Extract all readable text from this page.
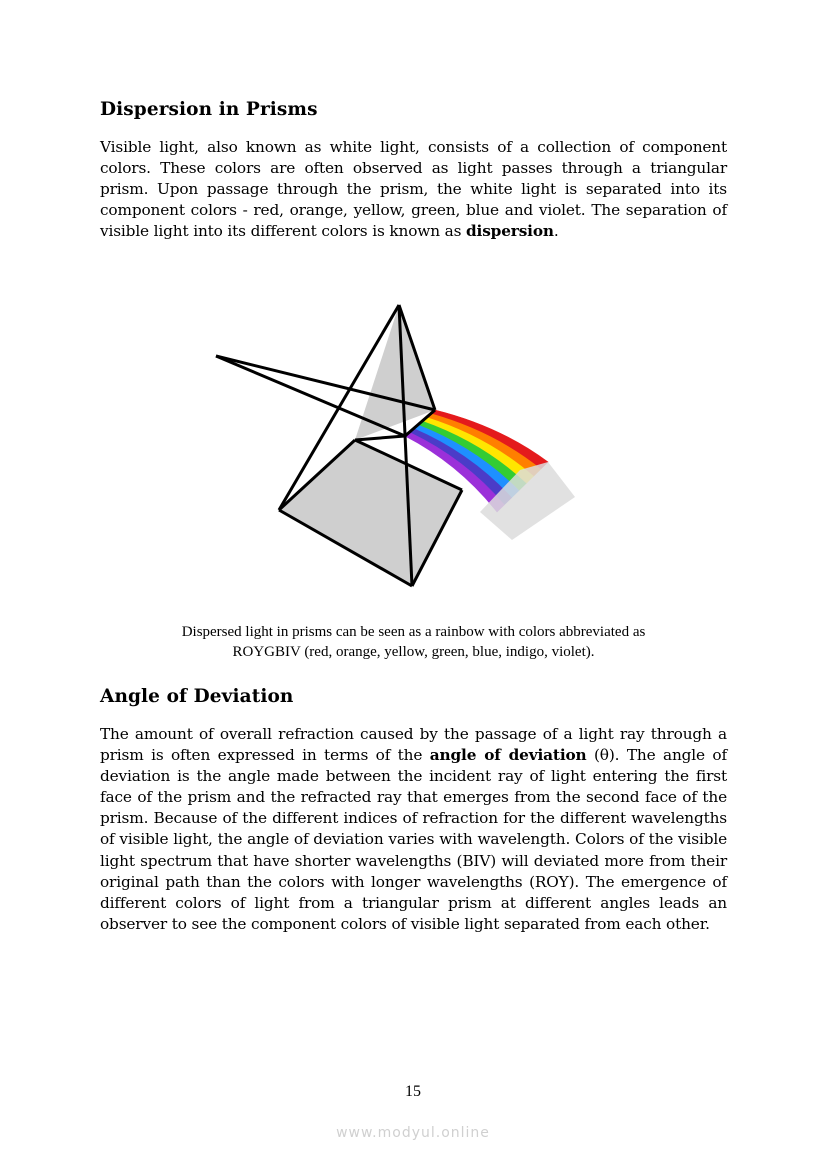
Dispersion in Prisms

Visible light, also known as white light, consists of a collection of component colors. These colors are often observed as light passes through a triangular prism. Upon passage through the prism, the white light is separated into its component colors - red, orange, yellow, green, blue and violet. The separation of visible light into its different colors is known as dispersion.

Dispersed light in prisms can be seen as a rainbow with colors abbreviated as
ROYGBIV (red, orange, yellow, green, blue, indigo, violet).

Angle of Deviation

The amount of overall refraction caused by the passage of a light ray through a prism is often expressed in terms of the angle of deviation (θ). The angle of deviation is the angle made between the incident ray of light entering the first face of the prism and the refracted ray that emerges from the second face of the prism. Because of the different indices of refraction for the different wavelengths of visible light, the angle of deviation varies with wavelength. Colors of the visible light spectrum that have shorter wavelengths (BIV) will deviated more from their original path than the colors with longer wavelengths (ROY). The emergence of different colors of light from a triangular prism at different angles leads an observer to see the component colors of visible light separated from each other.

15
www.modyul.online
